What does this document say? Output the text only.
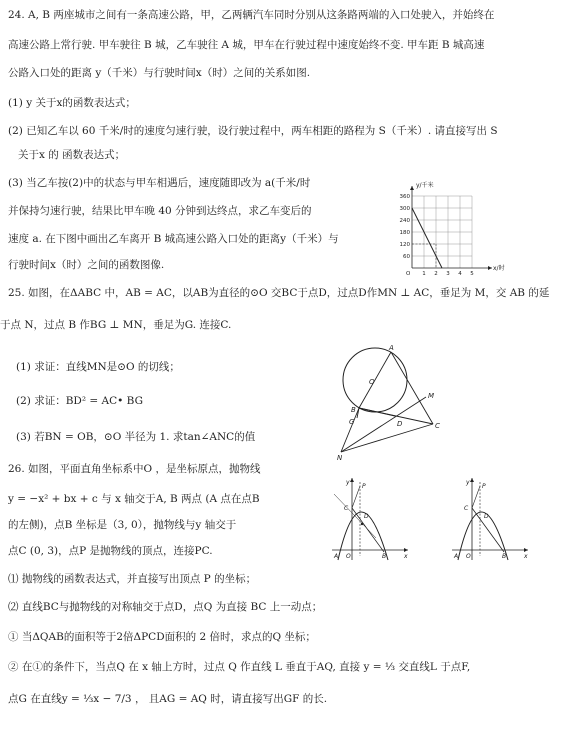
24. A, B 两座城市之间有一条高速公路，甲，乙两辆汽车同时分别从这条路两端的入口处驶入，并始终在
高速公路上常行驶. 甲车驶往 B 城，乙车驶往 A 城，甲车在行驶过程中速度始终不变. 甲车距 B 城高速
公路入口处的距离 y（千米）与行驶时间x（时）之间的关系如图.
(1) y 关于x的函数表达式；
(2) 已知乙车以 60 千米/时的速度匀速行驶，设行驶过程中，两车相距的路程为 S（千米）. 请直接写出 S
关于x 的 函数表达式；
(3) 当乙车按(2)中的状态与甲车相遇后，速度随即改为 a(千米/时
并保持匀速行驶，结果比甲车晚 40 分钟到达终点，求乙车变后的
速度 a. 在下图中画出乙车离开 B 城高速公路入口处的距离y（千米）与
行驶时间x（时）之间的函数图像.
y/千米
x/时
360
300
240
180
120
60
1 2 3 4 5
O
25. 如图，在ΔABC 中，AB = AC，以AB为直径的⊙O 交BC于点D，过点D作MN ⊥ AC，垂足为 M，交 AB 的延
于点 N，过点 B 作BG ⊥ MN，垂足为G. 连接C.
(1) 求证：直线MN是⊙O 的切线；
(2) 求证：BD² = AC• BG
(3) 若BN = OB，⊙O 半径为 1. 求tan∠ANC的值
A
O
B
D
M
C
G
N
26. 如图，平面直角坐标系中O ，是坐标原点，抛物线
y = −x² + bx + c 与 x 轴交于A, B 两点 (A 点在点B
的左侧)，点B 坐标是（3, 0），抛物线与y 轴交于
点C (0, 3)，点P 是抛物线的顶点，连接PC.
⑴ 抛物线的函数表达式，并直接写出顶点 P 的坐标；
⑵ 直线BC与抛物线的对称轴交于点D，点Q 为直接 BC 上一动点；
① 当ΔQAB的面积等于2倍ΔPCD面积的 2 倍时，求点的Q 坐标；
② 在①的条件下，当点Q 在 x 轴上方时，过点 Q 作直线 L 垂直于AQ, 直接 y = ⅓ 交直线L 于点F,
点G 在直线y = ⅓x − 7/3 ， 且AG = AQ 时，请直接写出GF 的长.
y
P
C
D
A O	B	x
y
P
C
D
A O	B	x
